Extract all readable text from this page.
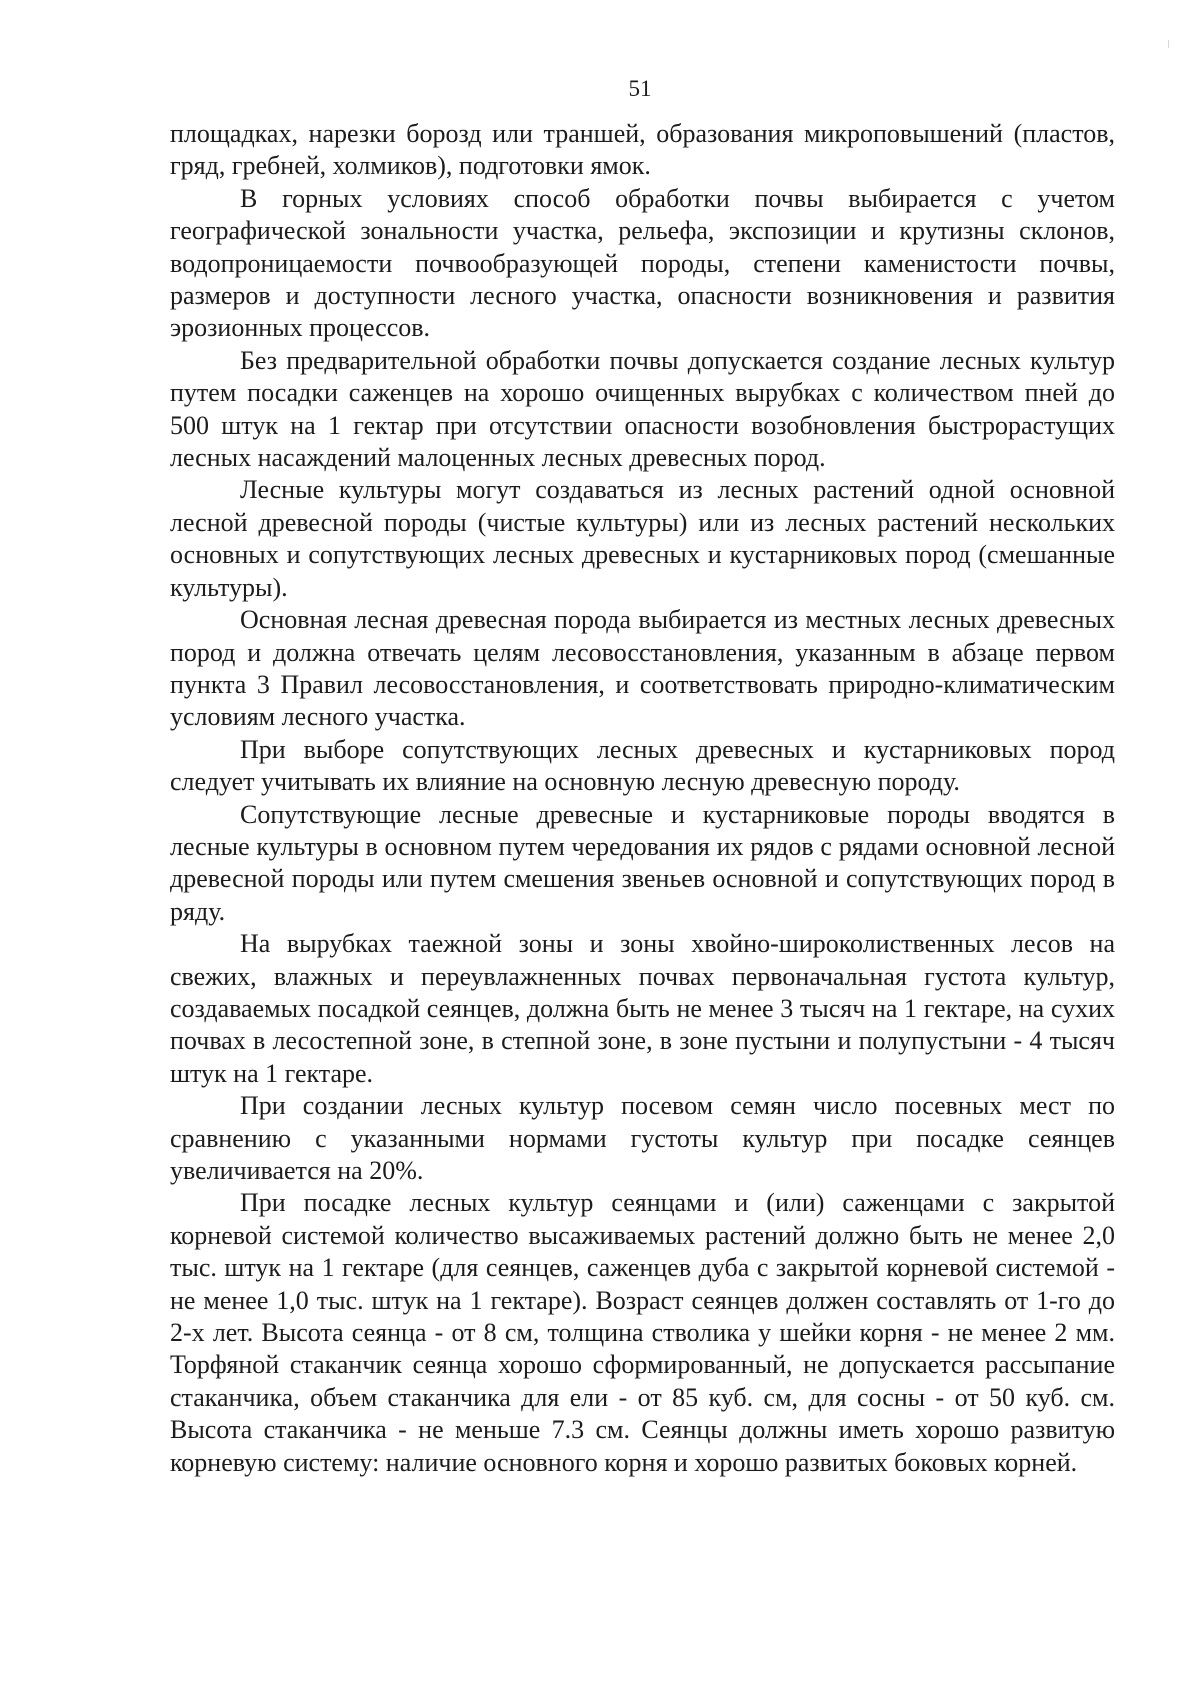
51

площадках, нарезки борозд или траншей, образования микроповышений (пластов, гряд, гребней, холмиков), подготовки ямок.

В горных условиях способ обработки почвы выбирается с учетом географической зональности участка, рельефа, экспозиции и крутизны склонов, водопроницаемости почвообразующей породы, степени каменистости почвы, размеров и доступности лесного участка, опасности возникновения и развития эрозионных процессов.

Без предварительной обработки почвы допускается создание лесных культур путем посадки саженцев на хорошо очищенных вырубках с количеством пней до 500 штук на 1 гектар при отсутствии опасности возобновления быстрорастущих лесных насаждений малоценных лесных древесных пород.

Лесные культуры могут создаваться из лесных растений одной основной лесной древесной породы (чистые культуры) или из лесных растений нескольких основных и сопутствующих лесных древесных и кустарниковых пород (смешанные культуры).

Основная лесная древесная порода выбирается из местных лесных древесных пород и должна отвечать целям лесовосстановления, указанным в абзаце первом пункта 3 Правил лесовосстановления, и соответствовать природно-климатическим условиям лесного участка.

При выборе сопутствующих лесных древесных и кустарниковых пород следует учитывать их влияние на основную лесную древесную породу.

Сопутствующие лесные древесные и кустарниковые породы вводятся в лесные культуры в основном путем чередования их рядов с рядами основной лесной древесной породы или путем смешения звеньев основной и сопутствующих пород в ряду.

На вырубках таежной зоны и зоны хвойно-широколиственных лесов на свежих, влажных и переувлажненных почвах первоначальная густота культур, создаваемых посадкой сеянцев, должна быть не менее 3 тысяч на 1 гектаре, на сухих почвах в лесостепной зоне, в степной зоне, в зоне пустыни и полупустыни - 4 тысяч штук на 1 гектаре.

При создании лесных культур посевом семян число посевных мест по сравнению с указанными нормами густоты культур при посадке сеянцев увеличивается на 20%.

При посадке лесных культур сеянцами и (или) саженцами с закрытой корневой системой количество высаживаемых растений должно быть не менее 2,0 тыс. штук на 1 гектаре (для сеянцев, саженцев дуба с закрытой корневой системой - не менее 1,0 тыс. штук на 1 гектаре). Возраст сеянцев должен составлять от 1-го до 2-х лет. Высота сеянца - от 8 см, толщина стволика у шейки корня - не менее 2 мм. Торфяной стаканчик сеянца хорошо сформированный, не допускается рассыпание стаканчика, объем стаканчика для ели - от 85 куб. см, для сосны - от 50 куб. см. Высота стаканчика - не меньше 7.3 см. Сеянцы должны иметь хорошо развитую корневую систему: наличие основного корня и хорошо развитых боковых корней.
